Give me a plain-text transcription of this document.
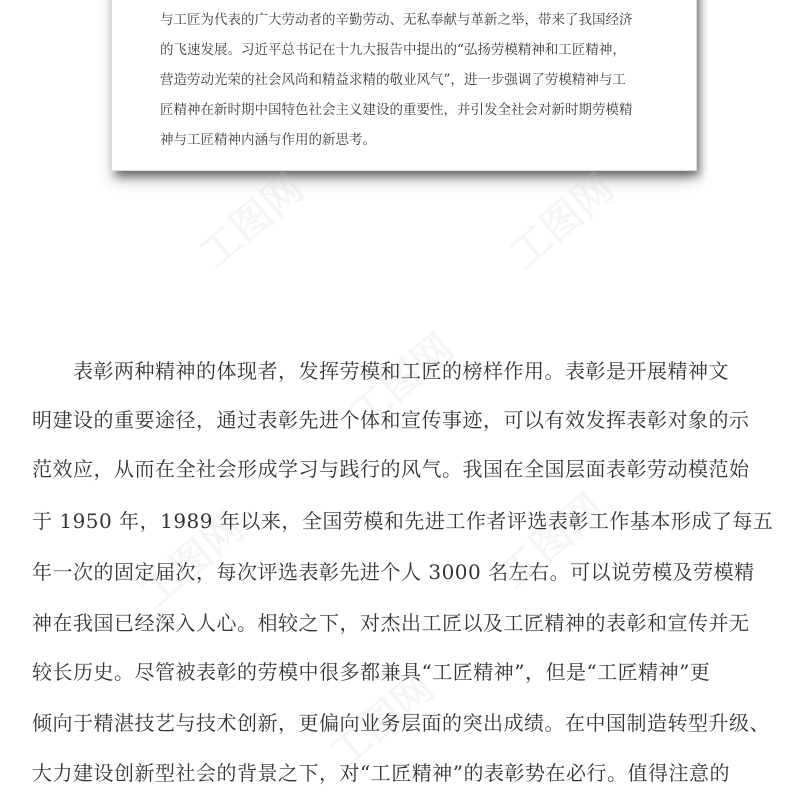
与工匠为代表的广大劳动者的辛勤劳动、无私奉献与革新之举，带来了我国经济
的飞速发展。习近平总书记在十九大报告中提出的“弘扬劳模精神和工匠精神，
营造劳动光荣的社会风尚和精益求精的敬业风气”，进一步强调了劳模精神与工
匠精神在新时期中国特色社会主义建设的重要性，并引发全社会对新时期劳模精
神与工匠精神内涵与作用的新思考。
工图网	工图网
工图网
工图网	工图网
工图网
　　表彰两种精神的体现者，发挥劳模和工匠的榜样作用。表彰是开展精神文
明建设的重要途径，通过表彰先进个体和宣传事迹，可以有效发挥表彰对象的示
范效应，从而在全社会形成学习与践行的风气。我国在全国层面表彰劳动模范始
于 1950 年，1989 年以来，全国劳模和先进工作者评选表彰工作基本形成了每五
年一次的固定届次，每次评选表彰先进个人 3000 名左右。可以说劳模及劳模精
神在我国已经深入人心。相较之下，对杰出工匠以及工匠精神的表彰和宣传并无
较长历史。尽管被表彰的劳模中很多都兼具“工匠精神”，但是“工匠精神”更
倾向于精湛技艺与技术创新，更偏向业务层面的突出成绩。在中国制造转型升级、
大力建设创新型社会的背景之下，对“工匠精神”的表彰势在必行。值得注意的
